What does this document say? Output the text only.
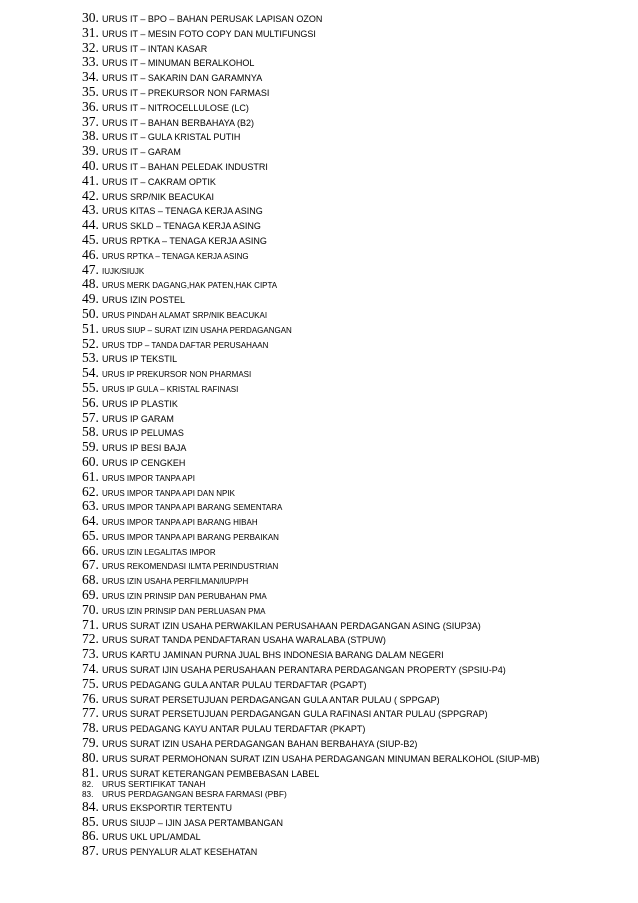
30. URUS IT – BPO – BAHAN PERUSAK LAPISAN OZON
31. URUS IT – MESIN FOTO COPY DAN MULTIFUNGSI
32. URUS IT – INTAN KASAR
33. URUS IT – MINUMAN BERALKOHOL
34. URUS IT – SAKARIN DAN GARAMNYA
35. URUS IT – PREKURSOR NON FARMASI
36. URUS IT – NITROCELLULOSE (LC)
37. URUS IT – BAHAN BERBAHAYA (B2)
38. URUS IT – GULA KRISTAL PUTIH
39. URUS IT – GARAM
40. URUS IT – BAHAN PELEDAK INDUSTRI
41. URUS IT – CAKRAM OPTIK
42. URUS SRP/NIK BEACUKAI
43. URUS KITAS – TENAGA KERJA ASING
44. URUS SKLD – TENAGA KERJA ASING
45. URUS RPTKA – TENAGA KERJA ASING
46. URUS RPTKA – TENAGA KERJA ASING
47. IUJK/SIUJK
48. URUS MERK DAGANG,HAK PATEN,HAK CIPTA
49. URUS IZIN POSTEL
50. URUS PINDAH ALAMAT SRP/NIK BEACUKAI
51. URUS SIUP – SURAT IZIN USAHA PERDAGANGAN
52. URUS TDP – TANDA DAFTAR PERUSAHAAN
53. URUS IP TEKSTIL
54. URUS IP PREKURSOR NON PHARMASI
55. URUS IP GULA – KRISTAL RAFINASI
56. URUS IP PLASTIK
57. URUS IP GARAM
58. URUS IP PELUMAS
59. URUS IP BESI BAJA
60. URUS IP CENGKEH
61. URUS IMPOR TANPA API
62. URUS IMPOR TANPA API DAN NPIK
63. URUS IMPOR TANPA API BARANG SEMENTARA
64. URUS IMPOR TANPA API BARANG HIBAH
65. URUS IMPOR TANPA API BARANG PERBAIKAN
66. URUS IZIN LEGALITAS IMPOR
67. URUS REKOMENDASI ILMTA PERINDUSTRIAN
68. URUS IZIN USAHA PERFILMAN/IUP/PH
69. URUS IZIN PRINSIP DAN PERUBAHAN PMA
70. URUS IZIN PRINSIP DAN PERLUASAN PMA
71. URUS SURAT IZIN USAHA PERWAKILAN PERUSAHAAN PERDAGANGAN ASING (SIUP3A)
72. URUS SURAT TANDA PENDAFTARAN USAHA WARALABA (STPUW)
73. URUS KARTU JAMINAN PURNA JUAL BHS INDONESIA BARANG DALAM NEGERI
74. URUS SURAT IJIN USAHA PERUSAHAAN PERANTARA PERDAGANGAN PROPERTY (SPSIU-P4)
75. URUS PEDAGANG GULA ANTAR PULAU TERDAFTAR (PGAPT)
76. URUS SURAT PERSETUJUAN PERDAGANGAN GULA ANTAR PULAU ( SPPGAP)
77. URUS SURAT PERSETUJUAN PERDAGANGAN GULA RAFINASI ANTAR PULAU (SPPGRAP)
78. URUS PEDAGANG KAYU ANTAR PULAU TERDAFTAR (PKAPT)
79. URUS SURAT IZIN USAHA PERDAGANGAN BAHAN BERBAHAYA (SIUP-B2)
80. URUS SURAT PERMOHONAN SURAT IZIN USAHA PERDAGANGAN MINUMAN BERALKOHOL (SIUP-MB)
81. URUS SURAT KETERANGAN PEMBEBASAN LABEL
82.	URUS SERTIFIKAT TANAH
83.	URUS PERDAGANGAN BESRA FARMASI (PBF)
84. URUS EKSPORTIR TERTENTU
85. URUS SIUJP – IJIN JASA PERTAMBANGAN
86. URUS UKL UPL/AMDAL
87. URUS PENYALUR ALAT KESEHATAN
